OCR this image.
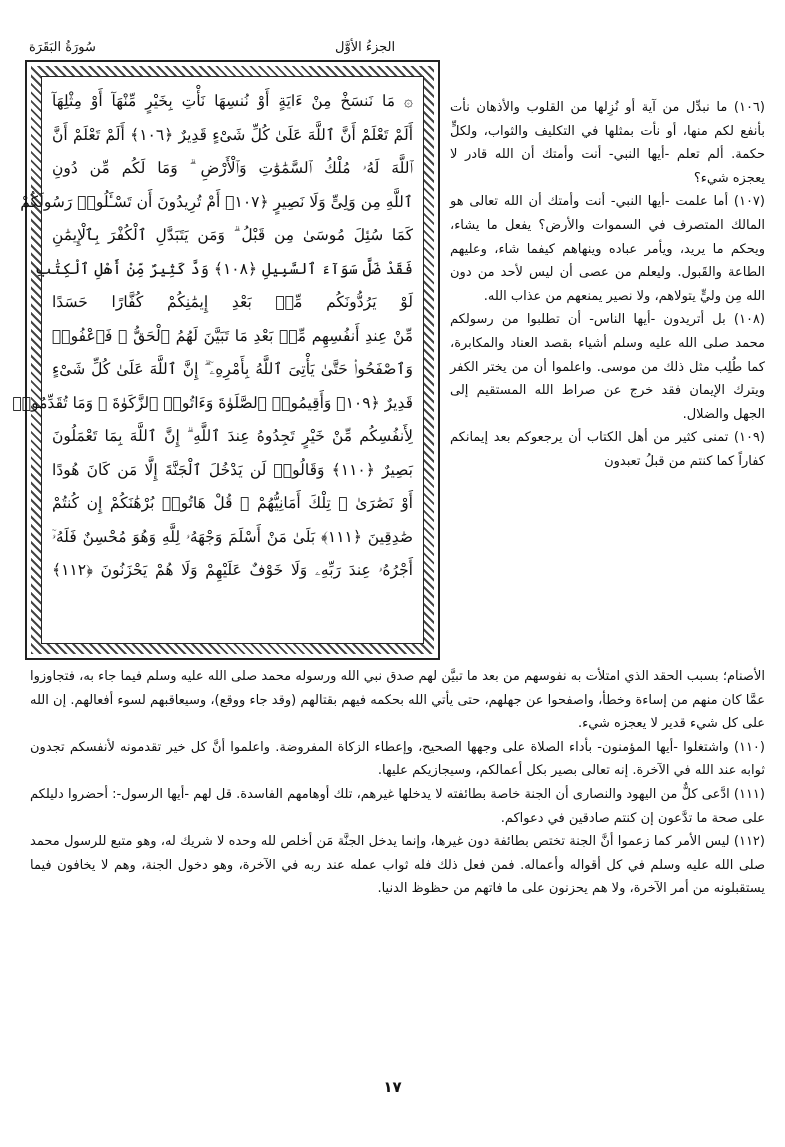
سُورَةُ البَقَرَة	الجزءُ الأوَّل
۞ مَا نَنسَخْ مِنْ ءَايَةٍ أَوْ نُنسِهَا نَأْتِ بِخَيْرٍ مِّنْهَآ أَوْ مِثْلِهَآ
أَلَمْ تَعْلَمْ أَنَّ ٱللَّهَ عَلَىٰ كُلِّ شَىْءٍ قَدِيرٌ ﴿١٠٦﴾ أَلَمْ تَعْلَمْ أَنَّ
ٱللَّهَ لَهُۥ مُلْكُ ٱلسَّمَٰوَٰتِ وَٱلْأَرْضِ ۗ وَمَا لَكُم مِّن دُونِ
ٱللَّهِ مِن وَلِىٍّ وَلَا نَصِيرٍ ﴿١٠٧﴾ أَمْ تُرِيدُونَ أَن تَسْـَٔلُوا۟ رَسُولَكُمْ
كَمَا سُئِلَ مُوسَىٰ مِن قَبْلُ ۗ وَمَن يَتَبَدَّلِ ٱلْكُفْرَ بِٱلْإِيمَٰنِ
فَقَدْ ضَلَّ سَوَآءَ ٱلسَّبِيلِ ﴿١٠٨﴾ وَدَّ كَثِيرٌ مِّنْ أَهْلِ ٱلْكِتَٰبِ
لَوْ يَرُدُّونَكُم مِّنۢ بَعْدِ إِيمَٰنِكُمْ كُفَّارًا حَسَدًا
مِّنْ عِندِ أَنفُسِهِم مِّنۢ بَعْدِ مَا تَبَيَّنَ لَهُمُ ٱلْحَقُّ ۖ فَٱعْفُوا۟
وَٱصْفَحُوا۟ حَتَّىٰ يَأْتِىَ ٱللَّهُ بِأَمْرِهِۦٓ ۗ إِنَّ ٱللَّهَ عَلَىٰ كُلِّ شَىْءٍ
قَدِيرٌ ﴿١٠٩﴾ وَأَقِيمُوا۟ ٱلصَّلَوٰةَ وَءَاتُوا۟ ٱلزَّكَوٰةَ ۚ وَمَا تُقَدِّمُوا۟
لِأَنفُسِكُم مِّنْ خَيْرٍ تَجِدُوهُ عِندَ ٱللَّهِ ۗ إِنَّ ٱللَّهَ بِمَا تَعْمَلُونَ
بَصِيرٌ ﴿١١٠﴾ وَقَالُوا۟ لَن يَدْخُلَ ٱلْجَنَّةَ إِلَّا مَن كَانَ هُودًا
أَوْ نَصَٰرَىٰ ۗ تِلْكَ أَمَانِيُّهُمْ ۗ قُلْ هَاتُوا۟ بُرْهَٰنَكُمْ إِن كُنتُمْ
صَٰدِقِينَ ﴿١١١﴾ بَلَىٰ مَنْ أَسْلَمَ وَجْهَهُۥ لِلَّهِ وَهُوَ مُحْسِنٌ فَلَهُۥٓ
أَجْرُهُۥ عِندَ رَبِّهِۦ وَلَا خَوْفٌ عَلَيْهِمْ وَلَا هُمْ يَحْزَنُونَ ﴿١١٢﴾

(١٠٦) ما نبدِّل من آية أو نُزِلها من القلوب والأذهان نأت بأنفع لكم منها، أو نأت بمثلها في التكليف والثواب، ولكلٍّ حكمة. ألم تعلم -أيها النبي- أنت وأمتك أن الله قادر لا يعجزه شيء؟

(١٠٧) أما علمت -أيها النبي- أنت وأمتك أن الله تعالى هو المالك المتصرف في السموات والأرض؟ يفعل ما يشاء، ويحكم ما يريد، ويأمر عباده وينهاهم كيفما شاء، وعليهم الطاعة والقَبول. وليعلم من عصى أن ليس لأحد من دون الله مِن وليٍّ يتولاهم، ولا نصير يمنعهم من عذاب الله.

(١٠٨) بل أتريدون -أيها الناس- أن تطلبوا من رسولكم محمد صلى الله عليه وسلم أشياء بقصد العناد والمكابرة، كما طُلِب مثل ذلك من موسى. واعلموا أن من يختر الكفر ويترك الإيمان فقد خرج عن صراط الله المستقيم إلى الجهل والضلال.

(١٠٩) تمنى كثير من أهل الكتاب أن يرجعوكم بعد إيمانكم كفاراً كما كنتم من قبلُ تعبدون

الأصنام؛ بسبب الحقد الذي امتلأت به نفوسهم من بعد ما تبيَّن لهم صدق نبي الله ورسوله محمد صلى الله عليه وسلم فيما جاء به، فتجاوزوا عمَّا كان منهم من إساءة وخطأ، واصفحوا عن جهلهم، حتى يأتي الله بحكمه فيهم بقتالهم (وقد جاء ووقع)، وسيعاقبهم لسوء أفعالهم. إن الله على كل شيء قدير لا يعجزه شيء.

(١١٠) واشتغلوا -أيها المؤمنون- بأداء الصلاة على وجهها الصحيح، وإعطاء الزكاة المفروضة. واعلموا أنَّ كل خير تقدمونه لأنفسكم تجدون ثوابه عند الله في الآخرة. إنه تعالى بصير بكل أعمالكم، وسيجازيكم عليها.

(١١١) ادَّعى كلٌّ من اليهود والنصارى أن الجنة خاصة بطائفته لا يدخلها غيرهم، تلك أوهامهم الفاسدة. قل لهم -أيها الرسول-: أحضروا دليلكم على صحة ما تدَّعون إن كنتم صادقين في دعواكم.

(١١٢) ليس الأمر كما زعموا أنَّ الجنة تختص بطائفة دون غيرها، وإنما يدخل الجنَّة مَن أخلص لله وحده لا شريك له، وهو متبع للرسول محمد صلى الله عليه وسلم في كل أقواله وأعماله. فمن فعل ذلك فله ثواب عمله عند ربه في الآخرة، وهو دخول الجنة، وهم لا يخافون فيما يستقبلونه من أمر الآخرة، ولا هم يحزنون على ما فاتهم من حظوظ الدنيا.

١٧
